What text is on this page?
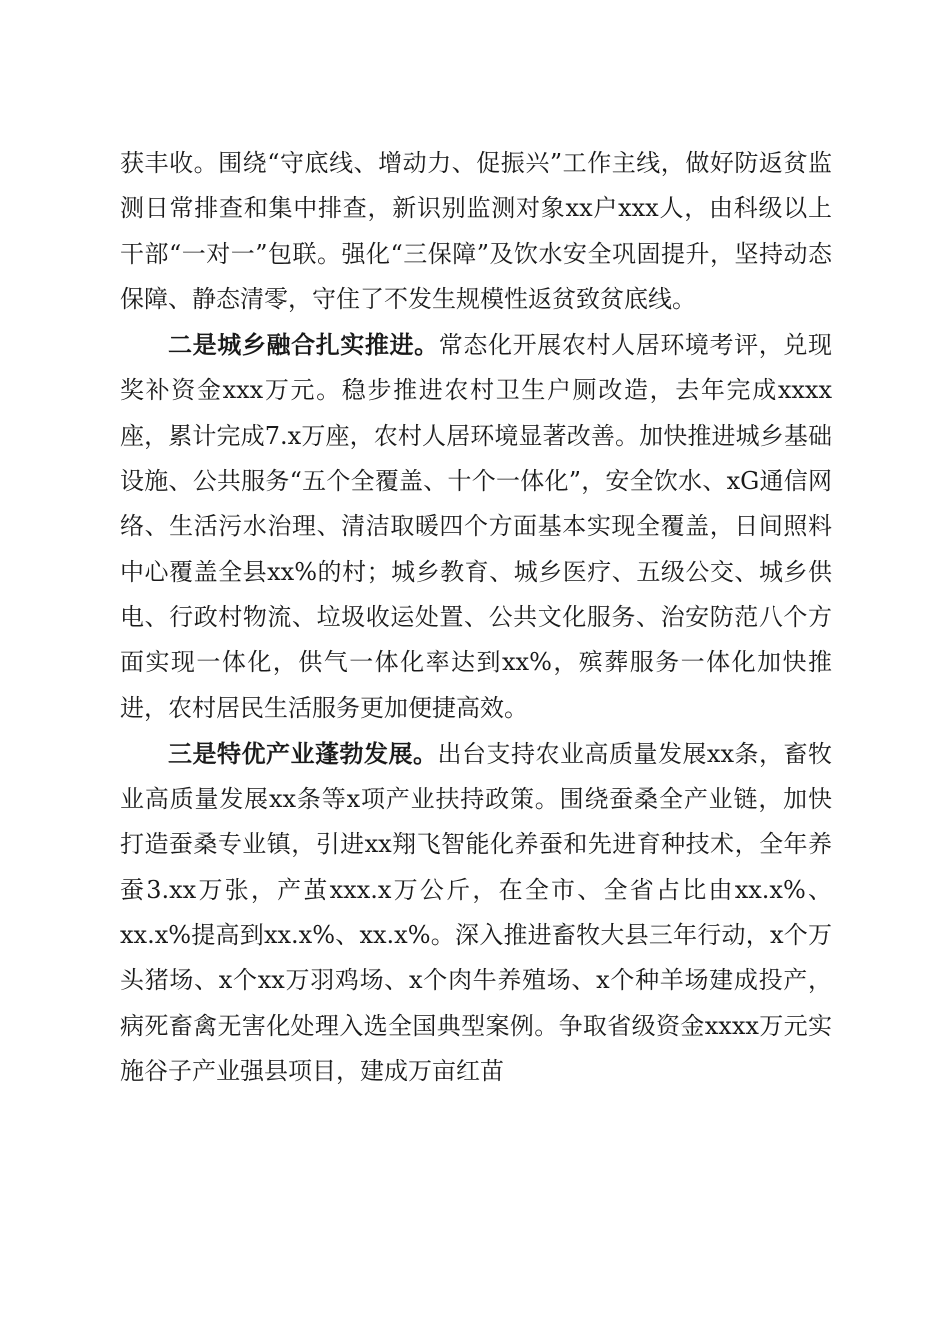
获丰收。围绕“守底线、增动力、促振兴”工作主线，做好防返贫监测日常排查和集中排查，新识别监测对象xx户xxx人，由科级以上干部“一对一”包联。强化“三保障”及饮水安全巩固提升，坚持动态保障、静态清零，守住了不发生规模性返贫致贫底线。

二是城乡融合扎实推进。常态化开展农村人居环境考评，兑现奖补资金xxx万元。稳步推进农村卫生户厕改造，去年完成xxxx座，累计完成7.x万座，农村人居环境显著改善。加快推进城乡基础设施、公共服务“五个全覆盖、十个一体化”，安全饮水、xG通信网络、生活污水治理、清洁取暖四个方面基本实现全覆盖，日间照料中心覆盖全县xx%的村；城乡教育、城乡医疗、五级公交、城乡供电、行政村物流、垃圾收运处置、公共文化服务、治安防范八个方面实现一体化，供气一体化率达到xx%，殡葬服务一体化加快推进，农村居民生活服务更加便捷高效。

三是特优产业蓬勃发展。出台支持农业高质量发展xx条，畜牧业高质量发展xx条等x项产业扶持政策。围绕蚕桑全产业链，加快打造蚕桑专业镇，引进xx翔飞智能化养蚕和先进育种技术，全年养蚕3.xx万张，产茧xxx.x万公斤，在全市、全省占比由xx.x%、xx.x%提高到xx.x%、xx.x%。深入推进畜牧大县三年行动，x个万头猪场、x个xx万羽鸡场、x个肉牛养殖场、x个种羊场建成投产，病死畜禽无害化处理入选全国典型案例。争取省级资金xxxx万元实施谷子产业强县项目，建成万亩红苗
